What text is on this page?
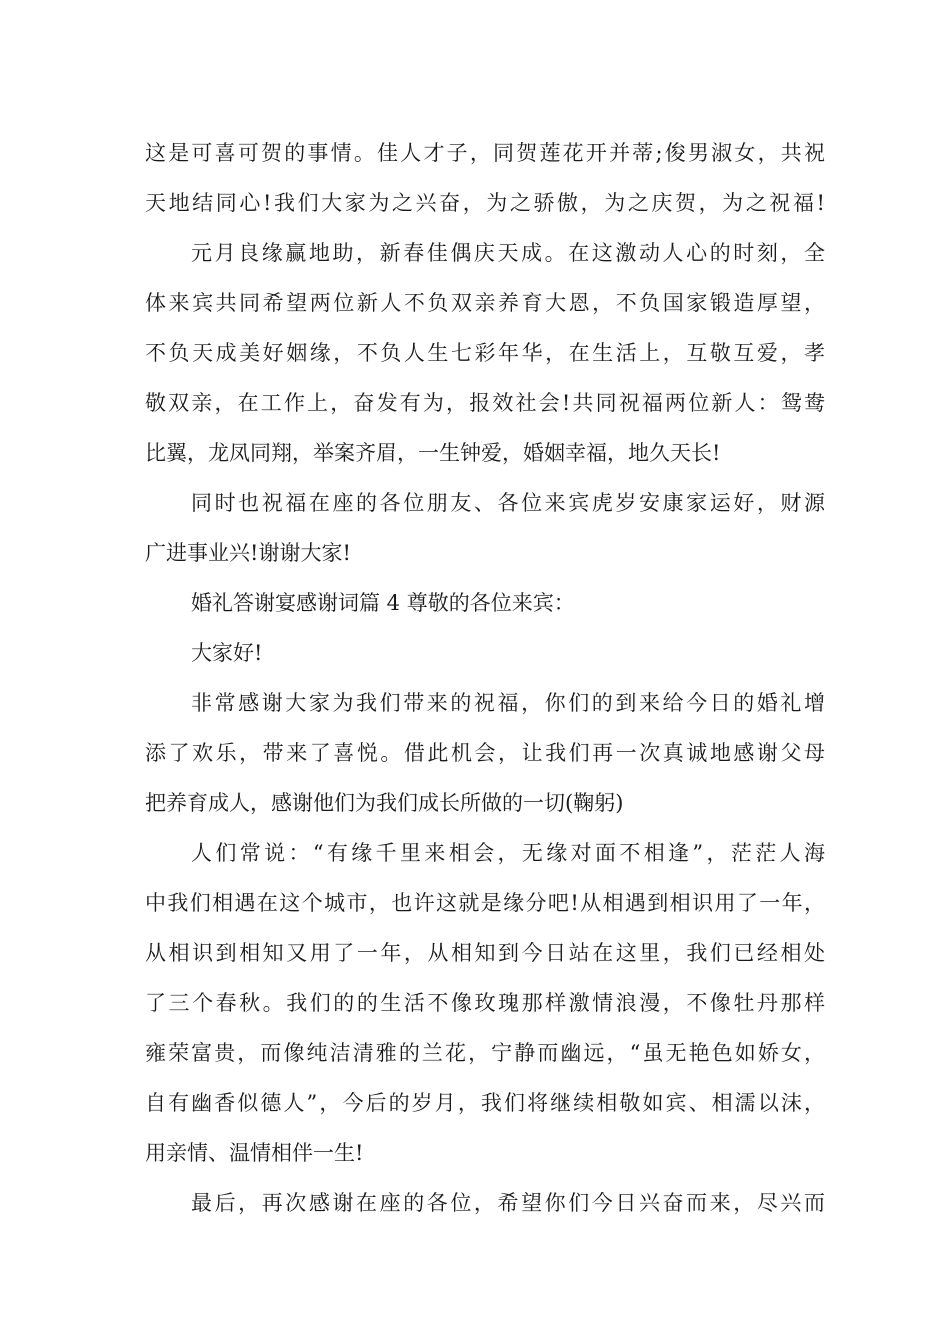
这是可喜可贺的事情。佳人才子，同贺莲花开并蒂;俊男淑女，共祝
天地结同心!我们大家为之兴奋，为之骄傲，为之庆贺，为之祝福!
元月良缘赢地助，新春佳偶庆天成。在这激动人心的时刻，全
体来宾共同希望两位新人不负双亲养育大恩，不负国家锻造厚望，
不负天成美好姻缘，不负人生七彩年华，在生活上，互敬互爱，孝
敬双亲，在工作上，奋发有为，报效社会!共同祝福两位新人：鸳鸯
比翼，龙凤同翔，举案齐眉，一生钟爱，婚姻幸福，地久天长!
同时也祝福在座的各位朋友、各位来宾虎岁安康家运好，财源
广进事业兴!谢谢大家!
婚礼答谢宴感谢词篇 4 尊敬的各位来宾：
大家好!
非常感谢大家为我们带来的祝福，你们的到来给今日的婚礼增
添了欢乐，带来了喜悦。借此机会，让我们再一次真诚地感谢父母
把养育成人，感谢他们为我们成长所做的一切(鞠躬)
人们常说：“有缘千里来相会，无缘对面不相逢”，茫茫人海
中我们相遇在这个城市，也许这就是缘分吧!从相遇到相识用了一年，
从相识到相知又用了一年，从相知到今日站在这里，我们已经相处
了三个春秋。我们的的生活不像玫瑰那样激情浪漫，不像牡丹那样
雍荣富贵，而像纯洁清雅的兰花，宁静而幽远，“虽无艳色如娇女，
自有幽香似德人”，今后的岁月，我们将继续相敬如宾、相濡以沫，
用亲情、温情相伴一生!
最后，再次感谢在座的各位，希望你们今日兴奋而来，尽兴而
